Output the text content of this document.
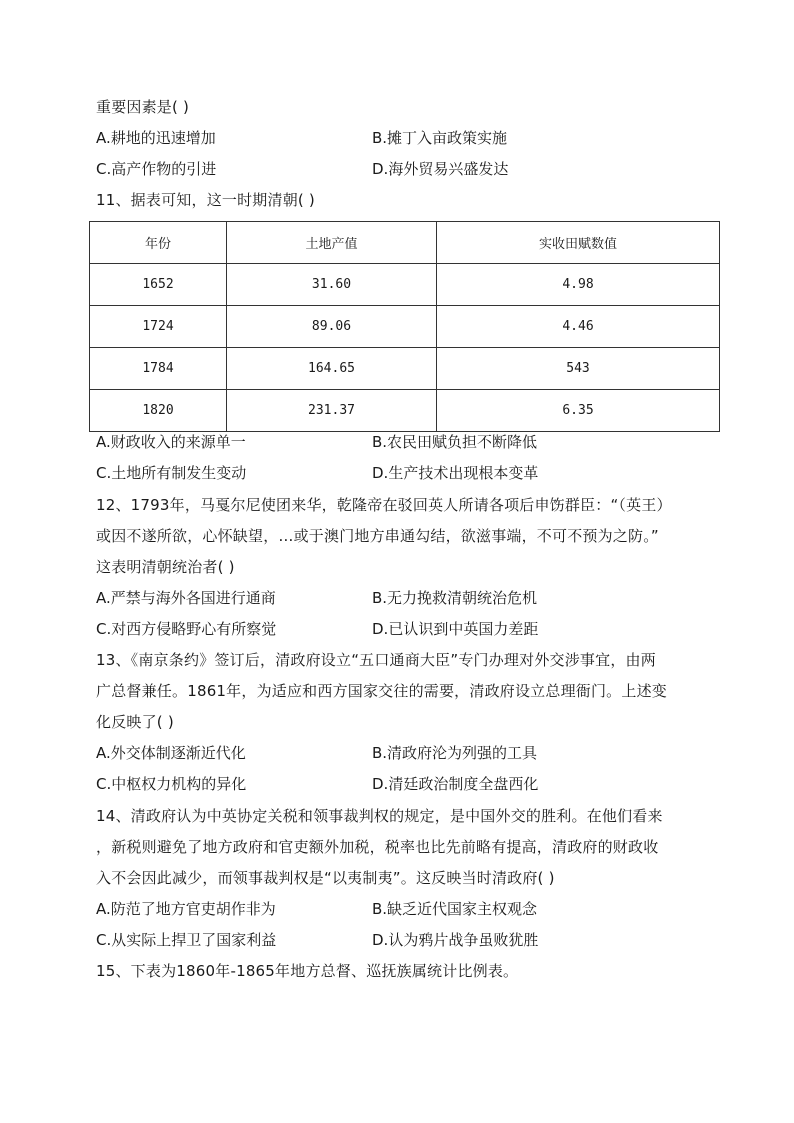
重要因素是( )
A.耕地的迅速增加	B.摊丁入亩政策实施
C.高产作物的引进	D.海外贸易兴盛发达
11、据表可知，这一时期清朝( )
年份	土地产值	实收田赋数值
1652	31.60	4.98
1724	89.06	4.46
1784	164.65	543
1820	231.37	6.35
A.财政收入的来源单一	B.农民田赋负担不断降低
C.土地所有制发生变动	D.生产技术出现根本变革
12、1793年，马戛尔尼使团来华，乾隆帝在驳回英人所请各项后申饬群臣：“（英王）
或因不遂所欲，心怀缺望，…或于澳门地方串通勾结，欲滋事端，不可不预为之防。”
这表明清朝统治者( )
A.严禁与海外各国进行通商	B.无力挽救清朝统治危机
C.对西方侵略野心有所察觉	D.已认识到中英国力差距
13、《南京条约》签订后，清政府设立“五口通商大臣”专门办理对外交涉事宜，由两
广总督兼任。1861年，为适应和西方国家交往的需要，清政府设立总理衙门。上述变
化反映了( )
A.外交体制逐渐近代化	B.清政府沦为列强的工具
C.中枢权力机构的异化	D.清廷政治制度全盘西化
14、清政府认为中英协定关税和领事裁判权的规定，是中国外交的胜利。在他们看来
，新税则避免了地方政府和官吏额外加税，税率也比先前略有提高，清政府的财政收
入不会因此减少，而领事裁判权是“以夷制夷”。这反映当时清政府( )
A.防范了地方官吏胡作非为	B.缺乏近代国家主权观念
C.从实际上捍卫了国家利益	D.认为鸦片战争虽败犹胜
15、下表为1860年-1865年地方总督、巡抚族属统计比例表。
